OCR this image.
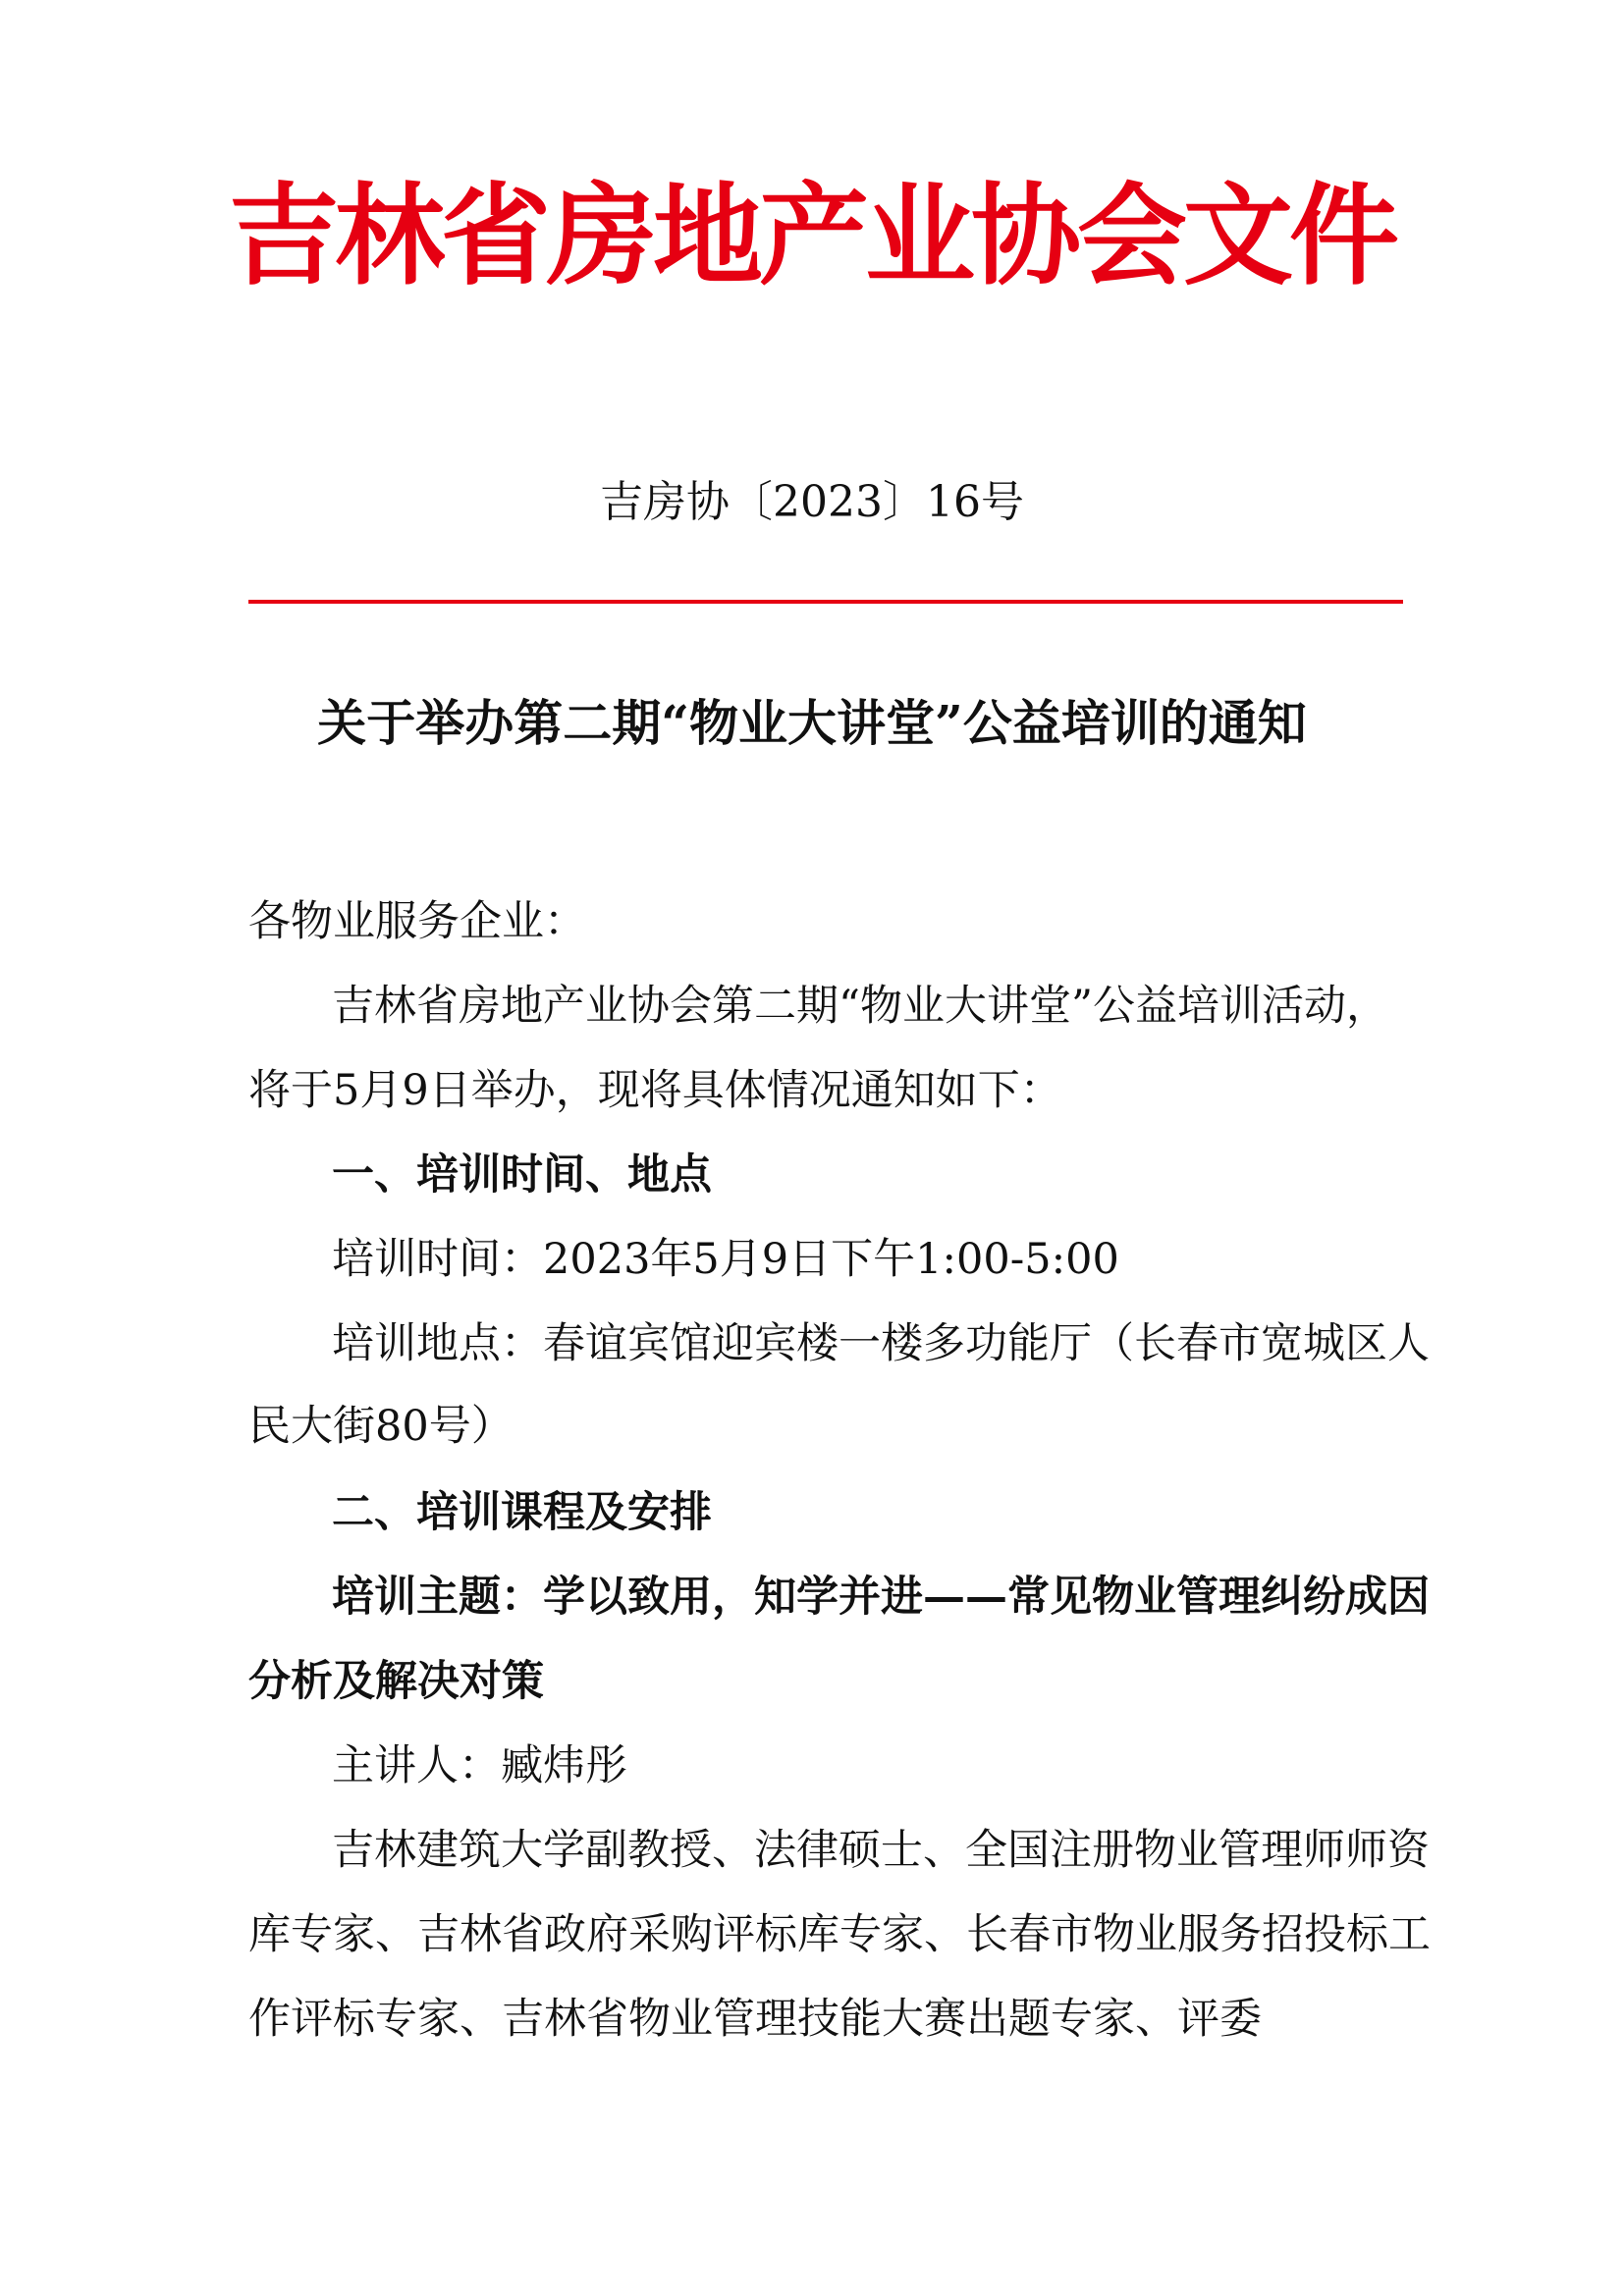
吉林省房地产业协会文件
吉房协〔2023〕16号
关于举办第二期“物业大讲堂”公益培训的通知
各物业服务企业：
吉林省房地产业协会第二期“物业大讲堂”公益培训活动，
将于5月9日举办，现将具体情况通知如下：
一、培训时间、地点
培训时间：2023年5月9日下午1:00-5:00
培训地点：春谊宾馆迎宾楼一楼多功能厅（长春市宽城区人
民大街80号）
二、培训课程及安排
培训主题：学以致用，知学并进——常见物业管理纠纷成因
分析及解决对策
主讲人：臧炜彤
吉林建筑大学副教授、法律硕士、全国注册物业管理师师资
库专家、吉林省政府采购评标库专家、长春市物业服务招投标工
作评标专家、吉林省物业管理技能大赛出题专家、评委
